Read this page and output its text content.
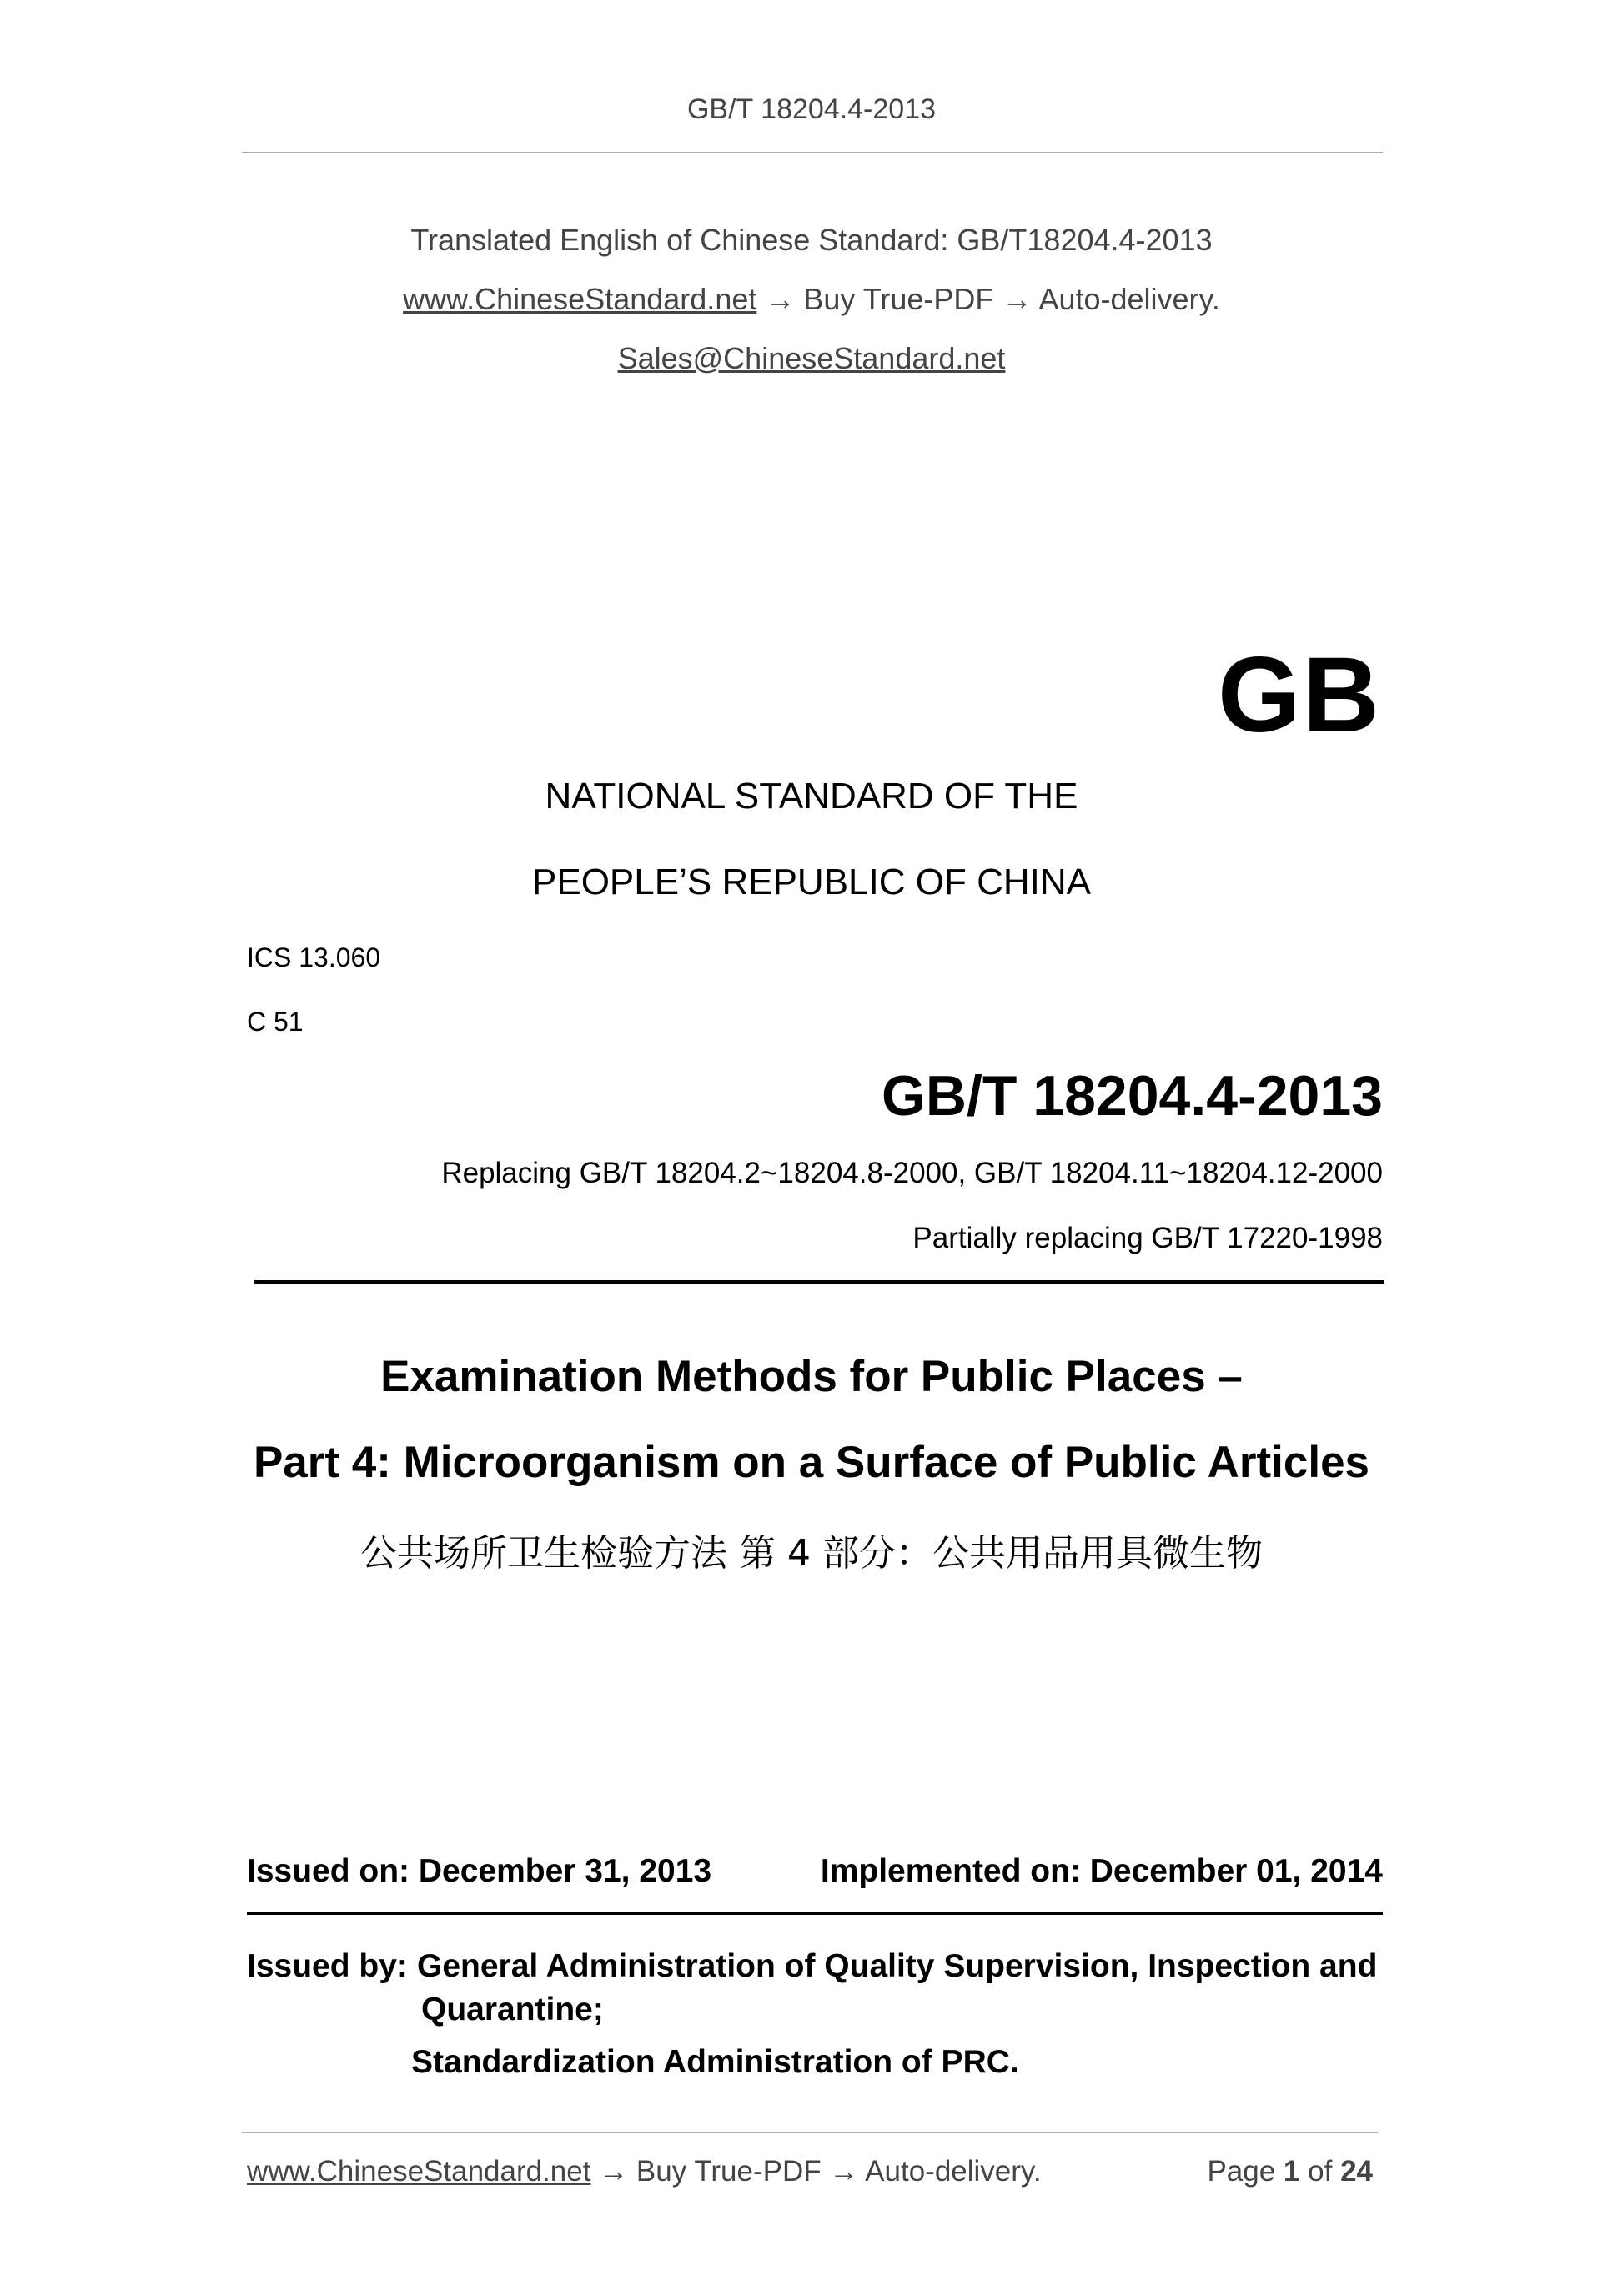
GB/T 18204.4-2013
Translated English of Chinese Standard: GB/T18204.4-2013
www.ChineseStandard.net → Buy True-PDF → Auto-delivery.
Sales@ChineseStandard.net
GB
NATIONAL STANDARD OF THE
PEOPLE’S REPUBLIC OF CHINA
ICS 13.060
C 51
GB/T 18204.4-2013
Replacing GB/T 18204.2~18204.8-2000, GB/T 18204.11~18204.12-2000
Partially replacing GB/T 17220-1998
Examination Methods for Public Places –
Part 4: Microorganism on a Surface of Public Articles
公共场所卫生检验方法 第 4 部分：公共用品用具微生物
Issued on: December 31, 2013	Implemented on: December 01, 2014
Issued by: General Administration of Quality Supervision, Inspection and
Quarantine;
Standardization Administration of PRC.
www.ChineseStandard.net → Buy True-PDF → Auto-delivery.	Page 1 of 24
